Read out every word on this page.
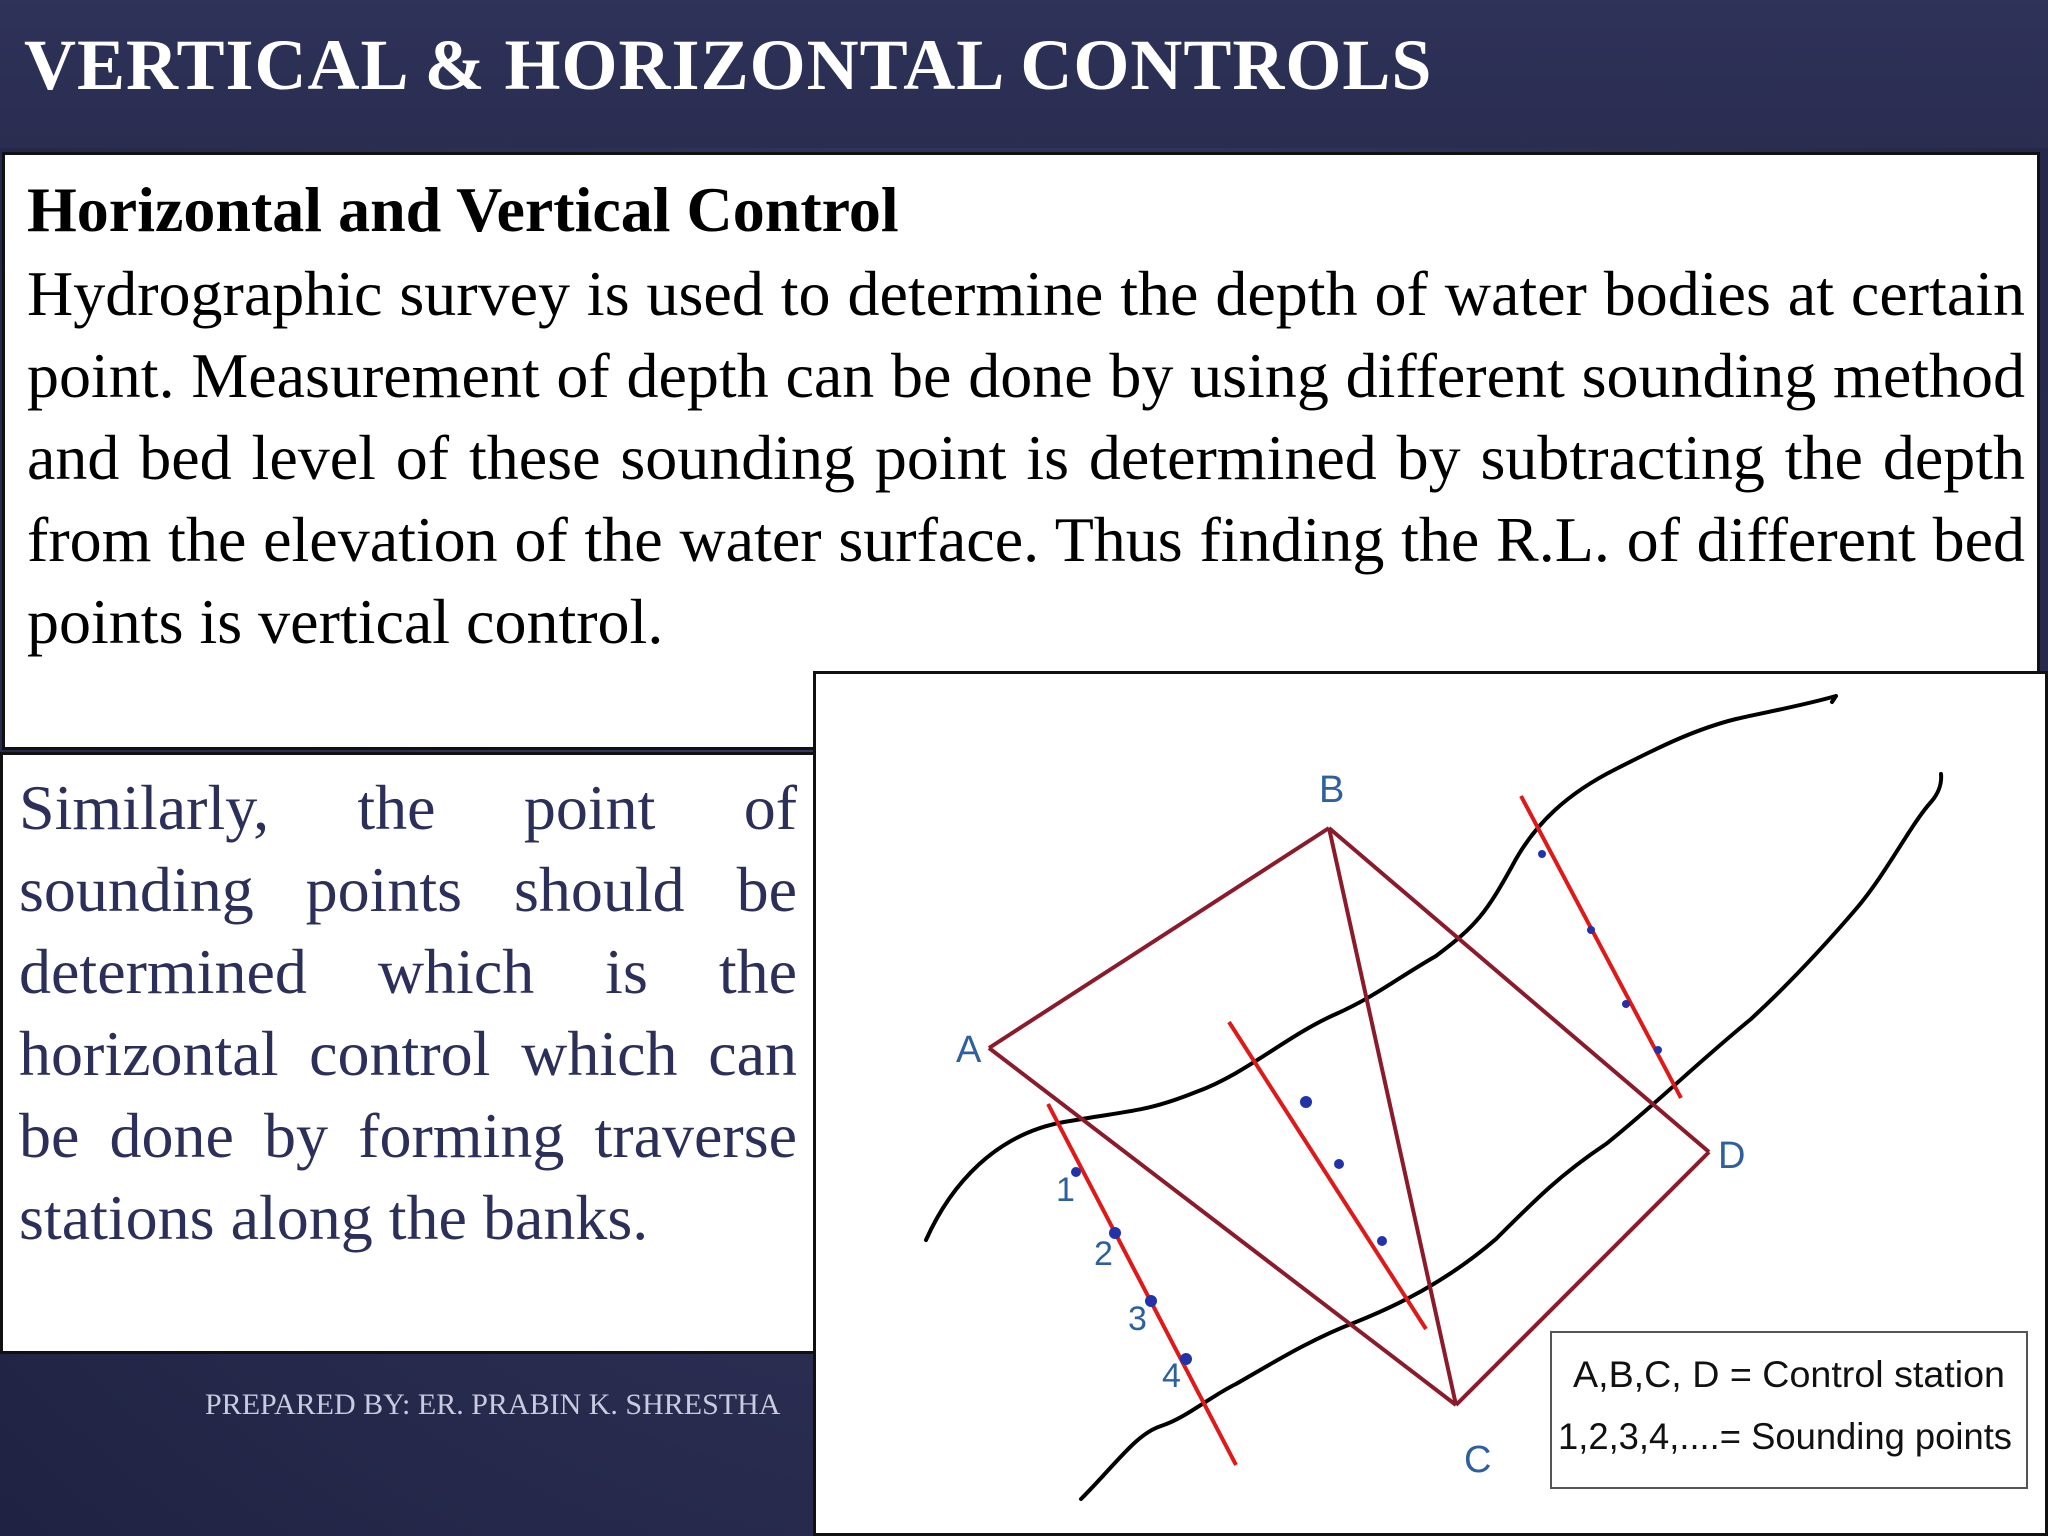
VERTICAL & HORIZONTAL CONTROLS
Horizontal and Vertical Control

Hydrographic survey is used to determine the depth of water bodies at certain point. Measurement of depth can be done by using different sounding method and bed level of these sounding point is determined by subtracting the depth from the elevation of the water surface. Thus finding the R.L. of different bed points is vertical control.

Similarly, the point of sounding points should be determined which is the horizontal control which can be done by forming traverse stations along the banks.

PREPARED BY: ER. PRABIN K. SHRESTHA
B
A
D
C
1
2
3
4	A,B,C, D = Control station
1,2,3,4,....= Sounding points
